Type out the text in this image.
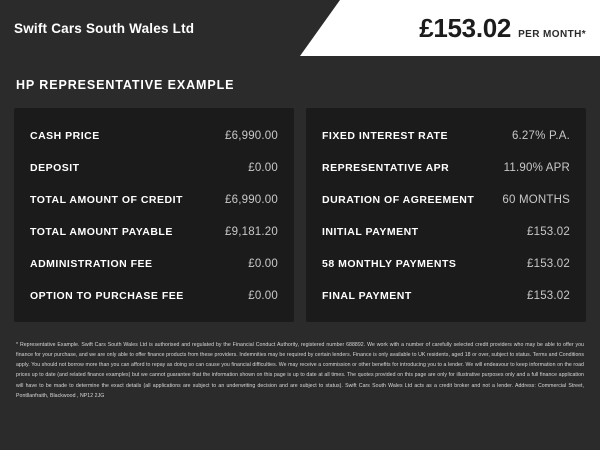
Swift Cars South Wales Ltd	£153.02 PER MONTH*
HP REPRESENTATIVE EXAMPLE
CASH PRICE	£6,990.00
DEPOSIT	£0.00
TOTAL AMOUNT OF CREDIT	£6,990.00
TOTAL AMOUNT PAYABLE	£9,181.20
ADMINISTRATION FEE	£0.00
OPTION TO PURCHASE FEE	£0.00
FIXED INTEREST RATE	6.27% P.A.
REPRESENTATIVE APR	11.90% APR
DURATION OF AGREEMENT 60 MONTHS
INITIAL PAYMENT	£153.02
58 MONTHLY PAYMENTS	£153.02
FINAL PAYMENT	£153.02
* Representative Example. Swift Cars South Wales Ltd is authorised and regulated by the Financial Conduct Authority, registered number 688892. We work with a number of carefully selected credit providers who may be able to offer you finance for your purchase, and we are only able to offer finance products from these providers. Indemnities may be required by certain lenders. Finance is only available to UK residents, aged 18 or over, subject to status. Terms and Conditions apply. You should not borrow more than you can afford to repay as doing so can cause you financial difficulties. We may receive a commission or other benefits for introducing you to a lender. We will endeavour to keep information on the road prices up to date (and related finance examples) but we cannot guarantee that the information shown on this page is up to date at all times. The quotes provided on this page are only for illustrative purposes only and a full finance application will have to be made to determine the exact details (all applications are subject to an underwriting decision and are subject to status). Swift Cars South Wales Ltd acts as a credit broker and not a lender. Address: Commercial Street, Pontllanfraith, Blackwood , NP12 2JG
